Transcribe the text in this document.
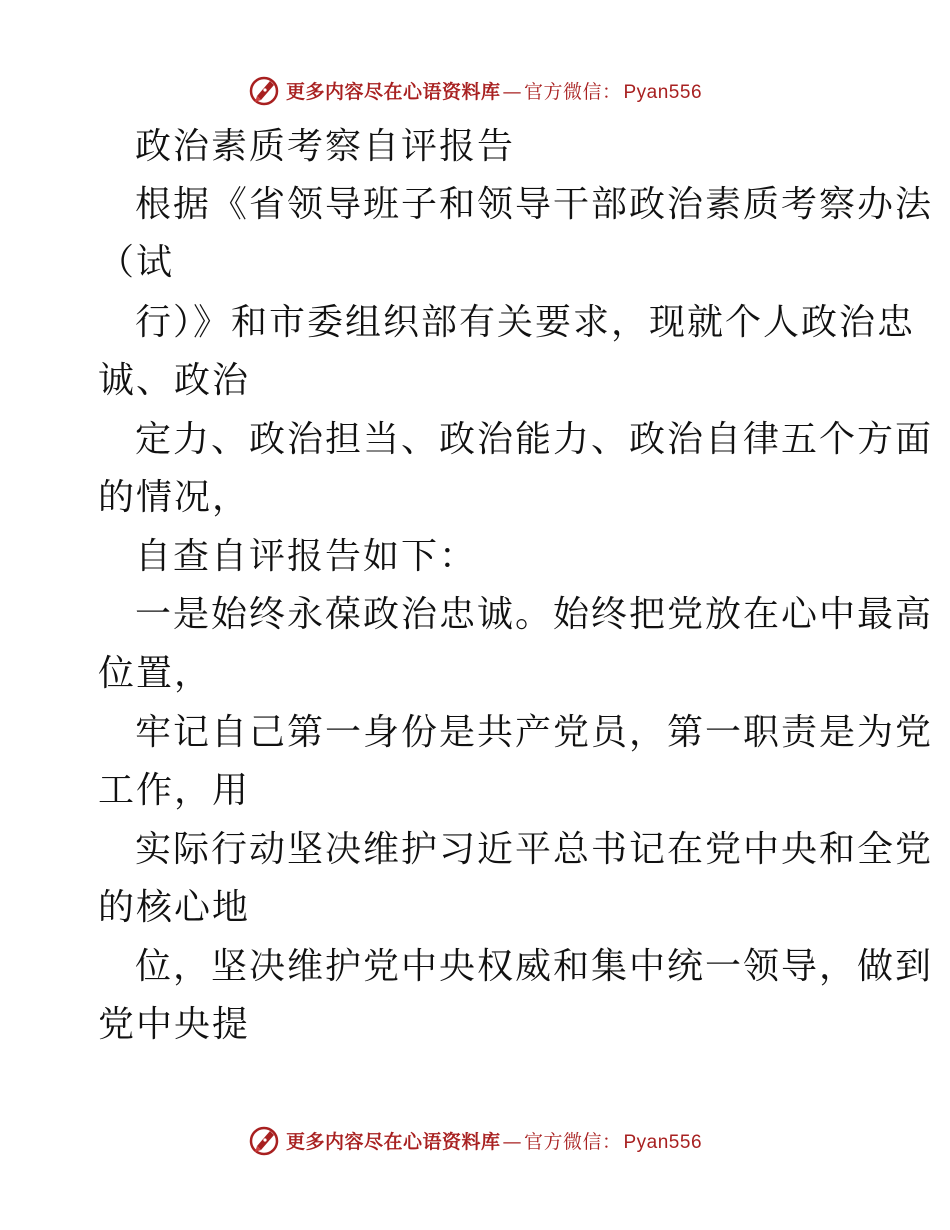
更多内容尽在心语资料库 — 官方微信： Pyan556
政治素质考察自评报告
根据《省领导班子和领导干部政治素质考察办法
（试
行）》和市委组织部有关要求，现就个人政治忠
诚、政治
定力、政治担当、政治能力、政治自律五个方面
的情况，
自查自评报告如下：
一是始终永葆政治忠诚。始终把党放在心中最高
位置，
牢记自己第一身份是共产党员，第一职责是为党
工作，用
实际行动坚决维护习近平总书记在党中央和全党
的核心地
位，坚决维护党中央权威和集中统一领导，做到
党中央提
更多内容尽在心语资料库 — 官方微信： Pyan556
